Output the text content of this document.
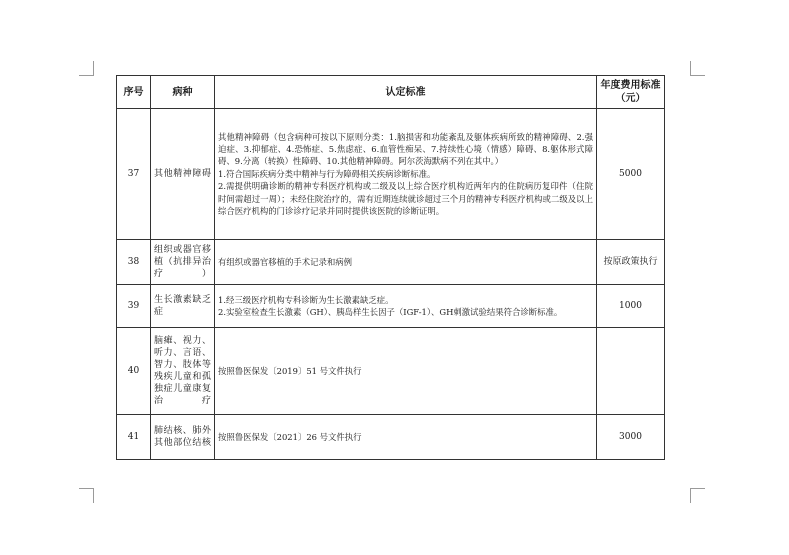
序号	病种	认定标准	年度费用标准（元）
37	其他精神障碍	其他精神障碍（包含病种可按以下原则分类：1.脑损害和功能紊乱及躯体疾病所致的精神障碍、2.强迫症、3.抑郁症、4.恐怖症、5.焦虑症、6.血管性痴呆、7.持续性心境（情感）障碍、8.躯体形式障碍、9.分离（转换）性障碍、10.其他精神障碍。阿尔茨海默病不列在其中。）

1.符合国际疾病分类中精神与行为障碍相关疾病诊断标准。

2.需提供明确诊断的精神专科医疗机构或二级及以上综合医疗机构近两年内的住院病历复印件（住院时间需超过一周）；未经住院治疗的，需有近期连续就诊超过三个月的精神专科医疗机构或二级及以上综合医疗机构的门诊诊疗记录并同时提供该医院的诊断证明。	5000
38	组织或器官移植（抗排异治疗）	有组织或器官移植的手术记录和病例	按原政策执行
39	生长激素缺乏症	1.经三级医疗机构专科诊断为生长激素缺乏症。

2.实验室检查生长激素（GH）、胰岛样生长因子（IGF-1）、GH刺激试验结果符合诊断标准。	1000
40	脑瘫、视力、听力、言语、智力、肢体等残疾儿童和孤独症儿童康复治疗	按照鲁医保发〔2019〕51 号文件执行	

41	肺结核、肺外其他部位结核	按照鲁医保发〔2021〕26 号文件执行	3000
